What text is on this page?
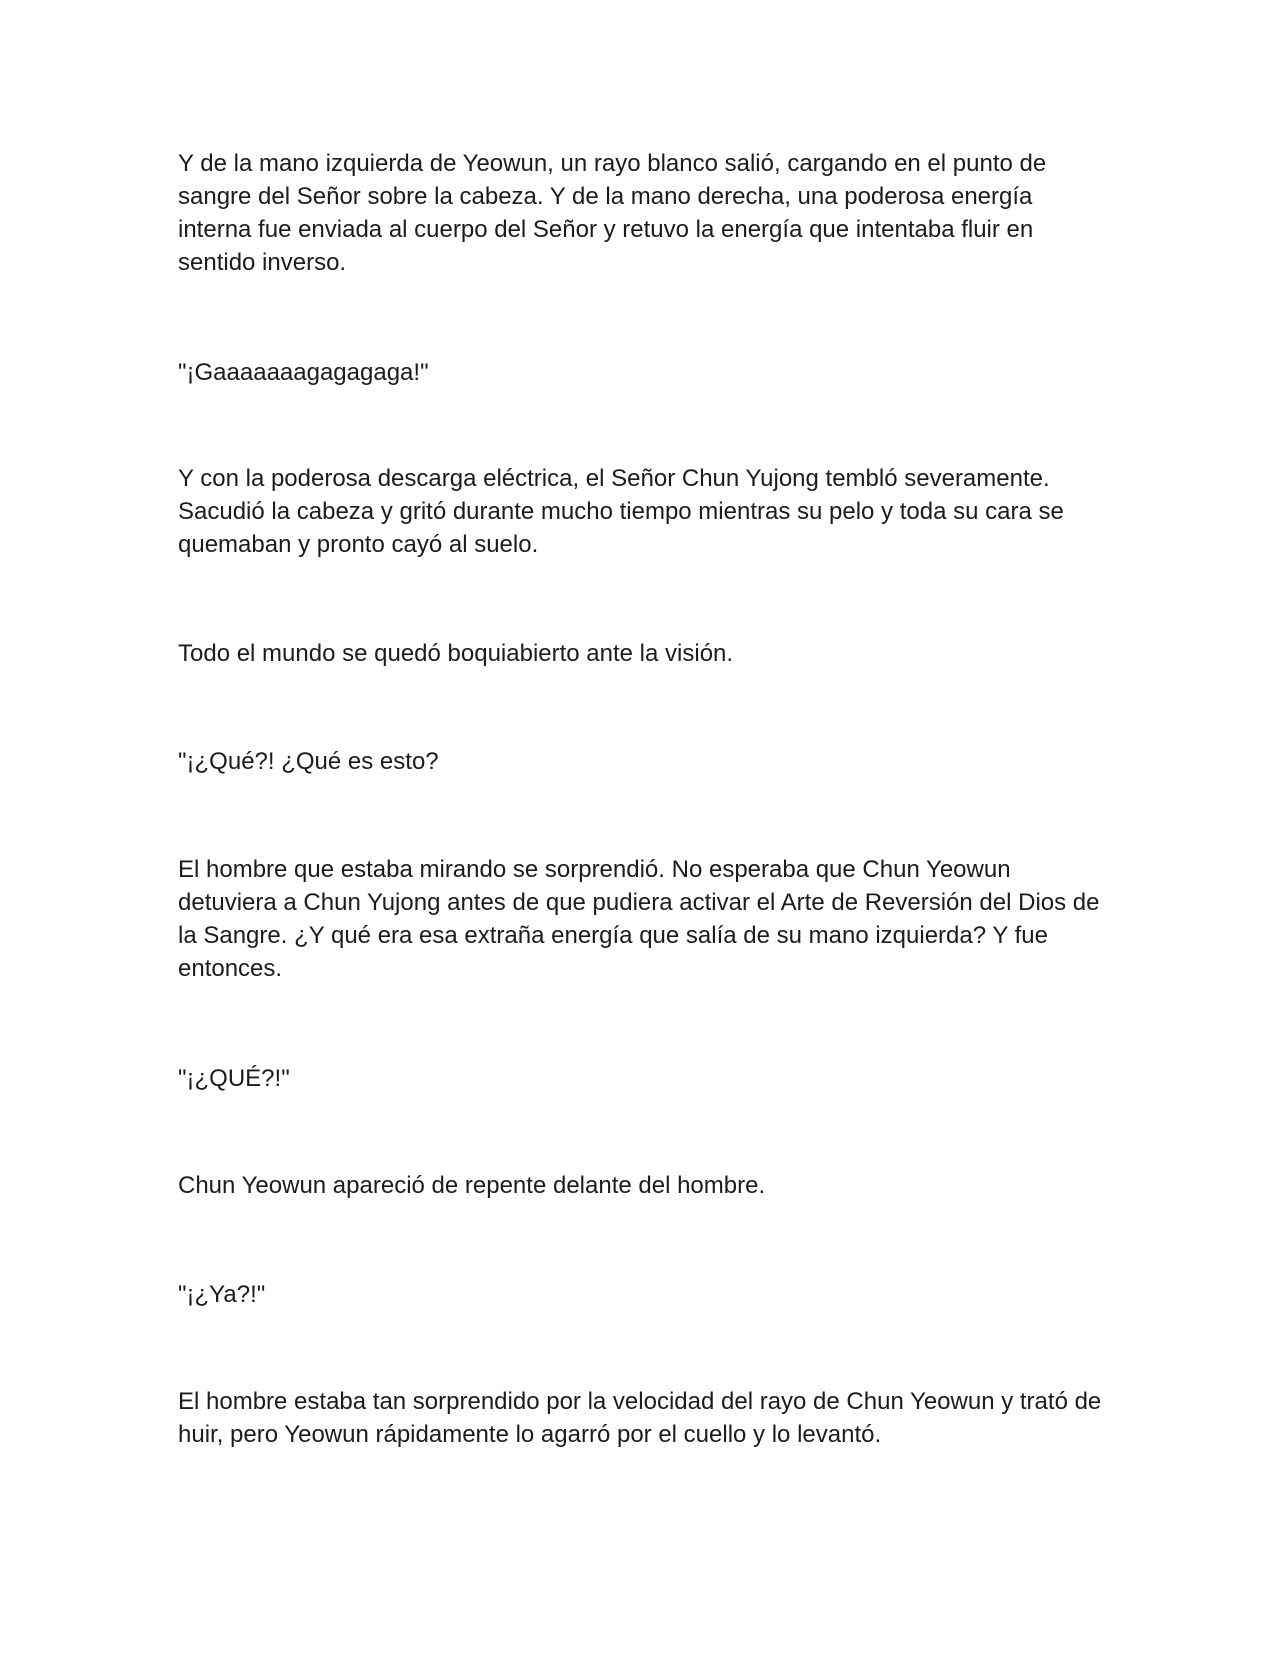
Y de la mano izquierda de Yeowun, un rayo blanco salió, cargando en el punto de sangre del Señor sobre la cabeza. Y de la mano derecha, una poderosa energía interna fue enviada al cuerpo del Señor y retuvo la energía que intentaba fluir en sentido inverso.

"¡Gaaaaaaagagagaga!"

Y con la poderosa descarga eléctrica, el Señor Chun Yujong tembló severamente. Sacudió la cabeza y gritó durante mucho tiempo mientras su pelo y toda su cara se quemaban y pronto cayó al suelo.

Todo el mundo se quedó boquiabierto ante la visión.

"¡¿Qué?! ¿Qué es esto?

El hombre que estaba mirando se sorprendió. No esperaba que Chun Yeowun detuviera a Chun Yujong antes de que pudiera activar el Arte de Reversión del Dios de la Sangre. ¿Y qué era esa extraña energía que salía de su mano izquierda? Y fue entonces.

"¡¿QUÉ?!"

Chun Yeowun apareció de repente delante del hombre.

"¡¿Ya?!"

El hombre estaba tan sorprendido por la velocidad del rayo de Chun Yeowun y trató de huir, pero Yeowun rápidamente lo agarró por el cuello y lo levantó.
